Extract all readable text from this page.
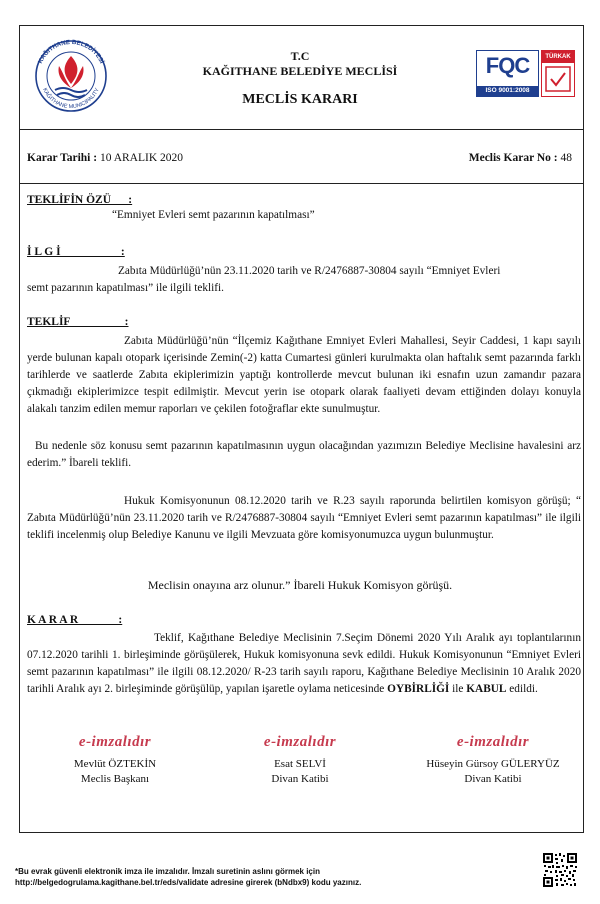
KAĞITHANE BELEDİYESİ
KAĞITHANE MUNICIPALITY
T.C
KAĞITHANE BELEDİYE MECLİSİ
MECLİS KARARI
FQC
ISO 9001:2008
TÜRKAK
Karar Tarihi : 10 ARALIK 2020	Meclis Karar No : 48
TEKLİFİN ÖZÜ      :
“Emniyet Evleri semt pazarının kapatılması”
İ L G İ                     :
Zabıta Müdürlüğü’nün 23.11.2020 tarih ve R/2476887-30804 sayılı “Emniyet Evleri
semt pazarının kapatılması” ile ilgili teklifi.
TEKLİF                   :
Zabıta Müdürlüğü’nün “İlçemiz Kağıthane Emniyet Evleri Mahallesi, Seyir Caddesi, 1 kapı sayılı yerde bulunan kapalı otopark içerisinde Zemin(-2) katta Cumartesi günleri kurulmakta olan haftalık semt pazarında farklı tarihlerde ve saatlerde Zabıta ekiplerimizin yaptığı kontrollerde mevcut bulunan iki esnafın uzun zamandır pazara çıkmadığı ekiplerimizce tespit edilmiştir. Mevcut yerin ise otopark olarak faaliyeti devam ettiğinden dolayı konuyla alakalı tanzim edilen memur raporları ve çekilen fotoğraflar ekte sunulmuştur.
Bu nedenle söz konusu semt pazarının kapatılmasının uygun olacağından yazımızın Belediye Meclisine havalesini arz ederim.” İbareli teklifi.
Hukuk Komisyonunun 08.12.2020 tarih ve R.23 sayılı raporunda belirtilen komisyon görüşü; “ Zabıta Müdürlüğü’nün 23.11.2020 tarih ve R/2476887-30804 sayılı “Emniyet Evleri semt pazarının kapatılması” ile ilgili teklifi incelenmiş olup Belediye Kanunu ve ilgili Mevzuata göre komisyonumuzca uygun bulunmuştur.
Meclisin onayına arz olunur.” İbareli Hukuk Komisyon görüşü.
K A R A R              :
Teklif, Kağıthane Belediye Meclisinin 7.Seçim Dönemi 2020 Yılı Aralık ayı toplantılarının 07.12.2020 tarihli 1. birleşiminde görüşülerek, Hukuk komisyonuna sevk edildi. Hukuk Komisyonunun “Emniyet Evleri semt pazarının kapatılması” ile ilgili 08.12.2020/ R-23 tarih sayılı raporu, Kağıthane Belediye Meclisinin 10 Aralık 2020 tarihli Aralık ayı 2. birleşiminde görüşülüp, yapılan işaretle oylama neticesinde OYBİRLİĞİ ile KABUL edildi.
e-imzalıdır
Mevlüt ÖZTEKİN
Meclis Başkanı
e-imzalıdır
Esat SELVİ
Divan Katibi
e-imzalıdır
Hüseyin Gürsoy GÜLERYÜZ
Divan Katibi
*Bu evrak güvenli elektronik imza ile imzalıdır. İmzalı suretinin aslını görmek için
http://belgedogrulama.kagithane.bel.tr/eds/validate adresine girerek (bNdbx9) kodu yazınız.
